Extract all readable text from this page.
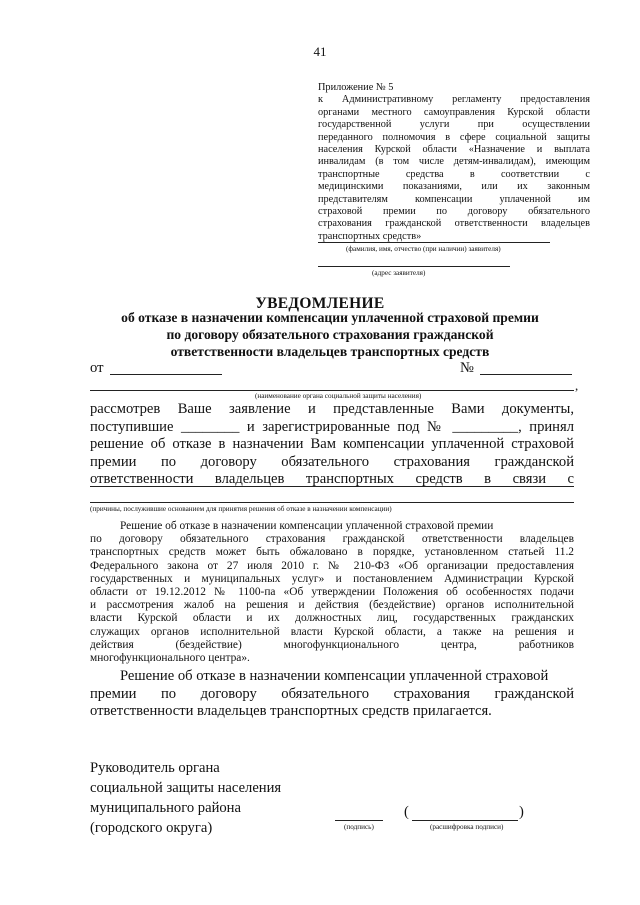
41
Приложение № 5
к Административному регламенту предоставления
органами местного самоуправления Курской области
государственной услуги при осуществлении
переданного полномочия в сфере социальной защиты
населения Курской области «Назначение и выплата
инвалидам (в том числе детям-инвалидам), имеющим
транспортные средства в соответствии с
медицинскими показаниями, или их законным
представителям компенсации уплаченной им
страховой премии по договору обязательного
страхования гражданской ответственности владельцев
транспортных средств»
(фамилия, имя, отчество (при наличии) заявителя)
(адрес заявителя)
УВЕДОМЛЕНИЕ
об отказе в назначении компенсации уплаченной страховой премии
по договору обязательного страхования гражданской
ответственности владельцев транспортных средств
от	№
,
(наименование органа социальной защиты населения)
рассмотрев Ваше заявление и представленные Вами документы,
поступившие ________ и зарегистрированные под № _________, принял
решение об отказе в назначении Вам компенсации уплаченной страховой
премии по договору обязательного страхования гражданской
ответственности владельцев транспортных средств в связи с
(причины, послужившие основанием для принятия решения об отказе в назначении компенсации)
Решение об отказе в назначении компенсации уплаченной страховой премии
по договору обязательного страхования гражданской ответственности владельцев
транспортных средств может быть обжаловано в порядке, установленном статьей 11.2
Федерального закона от 27 июля 2010 г. № 210-ФЗ «Об организации предоставления
государственных и муниципальных услуг» и постановлением Администрации Курской
области от 19.12.2012 № 1100-па «Об утверждении Положения об особенностях подачи
и рассмотрения жалоб на решения и действия (бездействие) органов исполнительной
власти Курской области и их должностных лиц, государственных гражданских
служащих органов исполнительной власти Курской области, а также на решения и
действия (бездействие) многофункционального центра, работников
многофункционального центра».
Решение об отказе в назначении компенсации уплаченной страховой
премии по договору обязательного страхования гражданской
ответственности владельцев транспортных средств прилагается.
Руководитель органа
социальной защиты населения
муниципального района
(городского округа)	(подпись)
(	)
(расшифровка подписи)
